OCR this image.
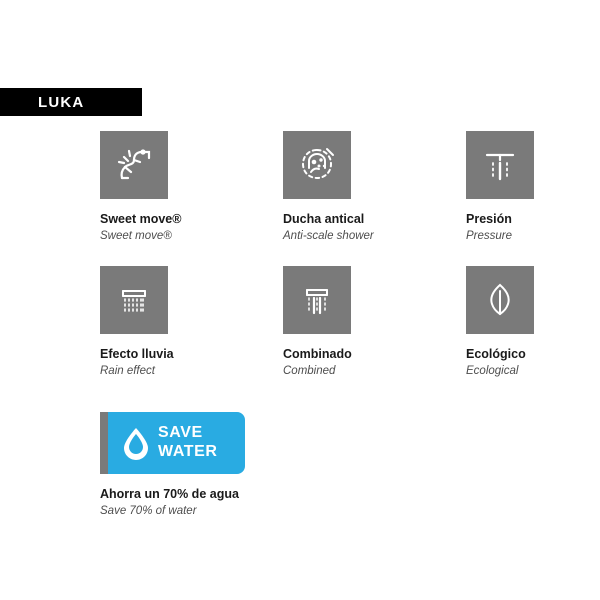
LUKA
Sweet move®
Sweet move®
Ducha antical
Anti-scale shower
Presión
Pressure
Efecto lluvia
Rain effect
Combinado
Combined
Ecológico
Ecological
SAVE
WATER
Ahorra un 70% de agua
Save 70% of water
